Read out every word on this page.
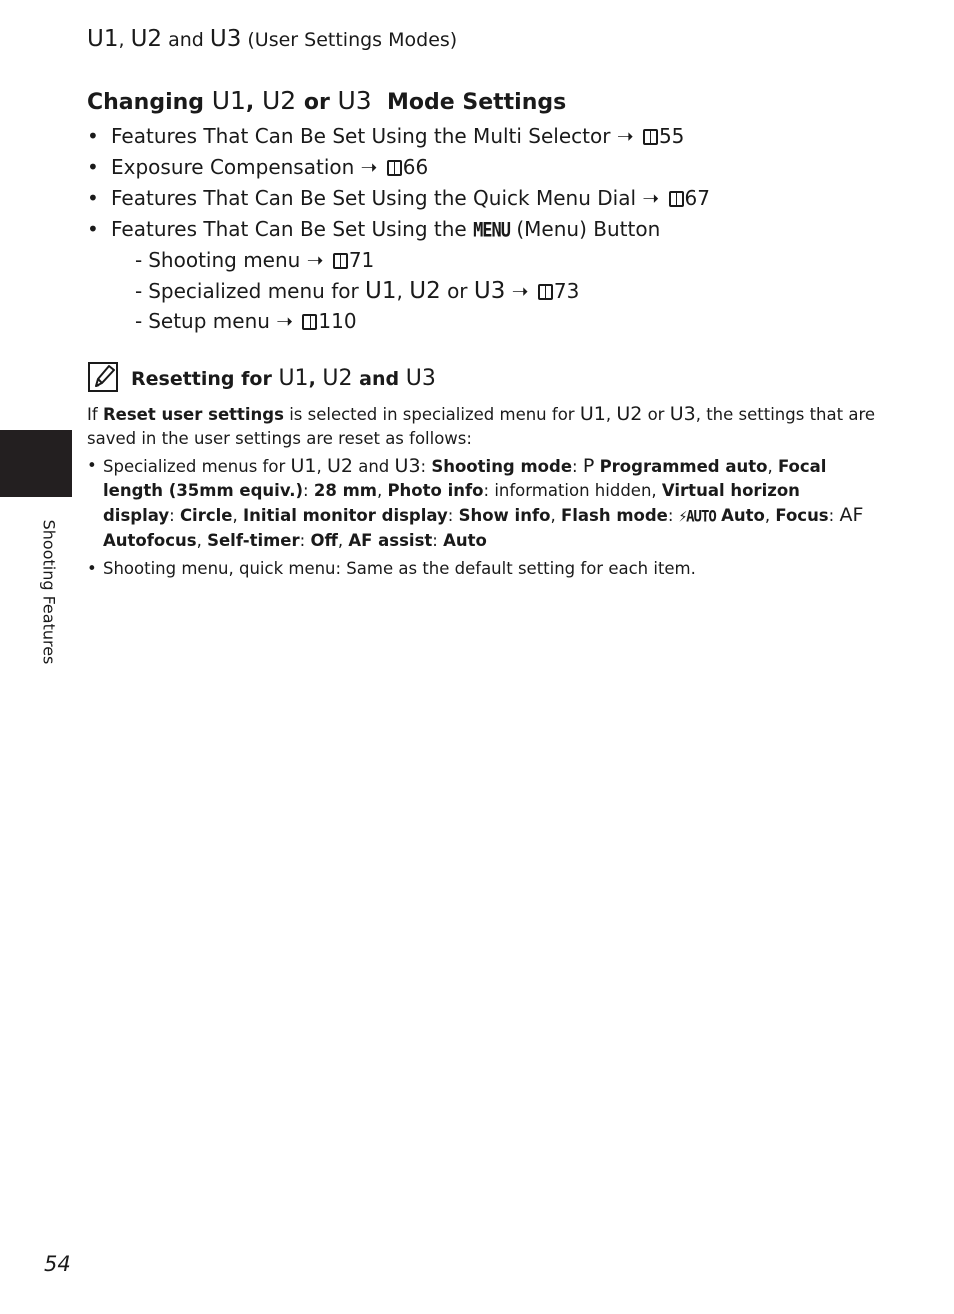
U1, U2 and U3 (User Settings Modes)
Changing U1, U2 or U3 Mode Settings
• Features That Can Be Set Using the Multi Selector ➝ 55
• Exposure Compensation ➝ 66
• Features That Can Be Set Using the Quick Menu Dial ➝ 67
• Features That Can Be Set Using the MENU (Menu) Button
- Shooting menu ➝ 71
- Specialized menu for U1, U2 or U3 ➝ 73
- Setup menu ➝ 110
Resetting for U1, U2 and U3
If Reset user settings is selected in specialized menu for U1, U2 or U3, the settings that are saved in the user settings are reset as follows:
• Specialized menus for U1, U2 and U3: Shooting mode: P Programmed auto, Focal length (35mm equiv.): 28 mm, Photo info: information hidden, Virtual horizon display: Circle, Initial monitor display: Show info, Flash mode: ⚡AUTO Auto, Focus: AF Autofocus, Self-timer: Off, AF assist: Auto
• Shooting menu, quick menu: Same as the default setting for each item.
Shooting Features
54
